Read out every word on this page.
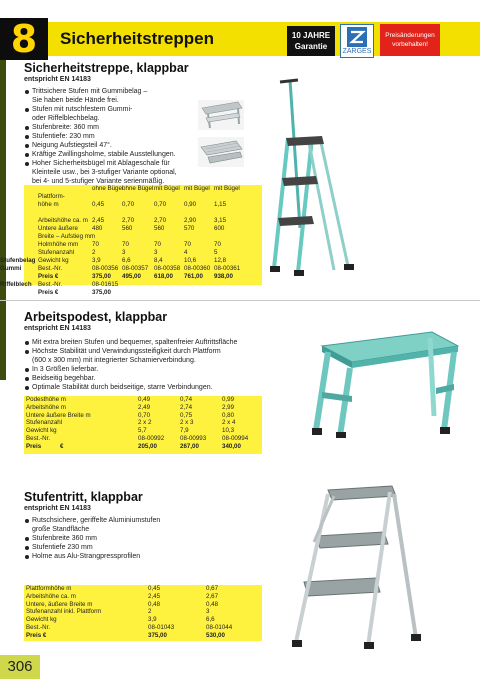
8	Sicherheitstreppen	10 JAHRE
Garantie
ZARGES
Preisänderungen
vorbehalten!
Sicherheitstreppe, klappbar
entspricht EN 14183
Trittsichere Stufen mit Gummibelag –
Sie haben beide Hände frei.
Stufen mit rutschfestem Gummi-
oder Riffelblechbelag.
Stufenbreite: 360 mm
Stufentiefe: 230 mm
Neigung Aufstiegsteil 47°.
Kräftige Zwillingsholme, stabile Ausstellungen.
Hoher Sicherheitsbügel mit Ablageschale für
Kleinteile usw., bei 3-stufiger Variante optional,
bei 4- und 5-stufiger Variante serienmäßig.
ohne Bügel
ohne Bügel mit Bügel mit Bügel mit Bügel
Plattform-
höhe m	0,45	0,70	0,70	0,90	1,15
Arbeitshöhe ca. m 2,45	2,70	2,70	2,90	3,15
Untere äußere 480	560	560	570	600
Breite – Aufstieg mm
Holmhöhe mm 70	70	70	70	70
Stufenanzahl	2	3	3	4	5
Stufenbelag Gewicht kg	3,9	6,6	8,4	10,6	12,8
Gummi	Best.-Nr.	08-00356 08-00357 08-00358 08-00360 08-00361
Preis €	375,00 495,00 618,00 761,00 938,00
Riffelblech Best.-Nr.	08-01615
Preis €	375,00
Arbeitspodest, klappbar
entspricht EN 14183
Mit extra breiten Stufen und bequemer, spaltenfreier Auftrittsfläche
Höchste Stabilität und Verwindungssteifigkeit durch Plattform
(600 x 300 mm) mit integrierter Schamierverbindung.
In 3 Größen lieferbar.
Beidseitig begehbar.
Optimale Stabilität durch beidseitige, starre Verbindungen.
Podesthöhe m	0,49	0,74	0,99
Arbeitshöhe m	2,49	2,74	2,99
Untere äußere Breite m	0,70	0,75	0,80
Stufenanzahl	2 x 2	2 x 3	2 x 4
Gewicht kg	5,7	7,9	10,3
Best.-Nr.	08-00992	08-00993	08-00994
Preis	€	205,00	267,00	340,00
Stufentritt, klappbar
entspricht EN 14183
Rutschsichere, geriffelte Aluminiumstufen
große Standfläche
Stufenbreite 360 mm
Stufentiefe 230 mm
Holme aus Alu-Strangpressprofilen
Plattformhöhe m	0,45	0,67
Arbeitshöhe ca. m	2,45	2,67
Untere, äußere Breite m	0,48	0,48
Stufenanzahl inkl. Plattform	2	3
Gewicht kg	3,9	6,6
Best.-Nr.	08-01043	08-01044
Preis €	375,00	530,00
306
